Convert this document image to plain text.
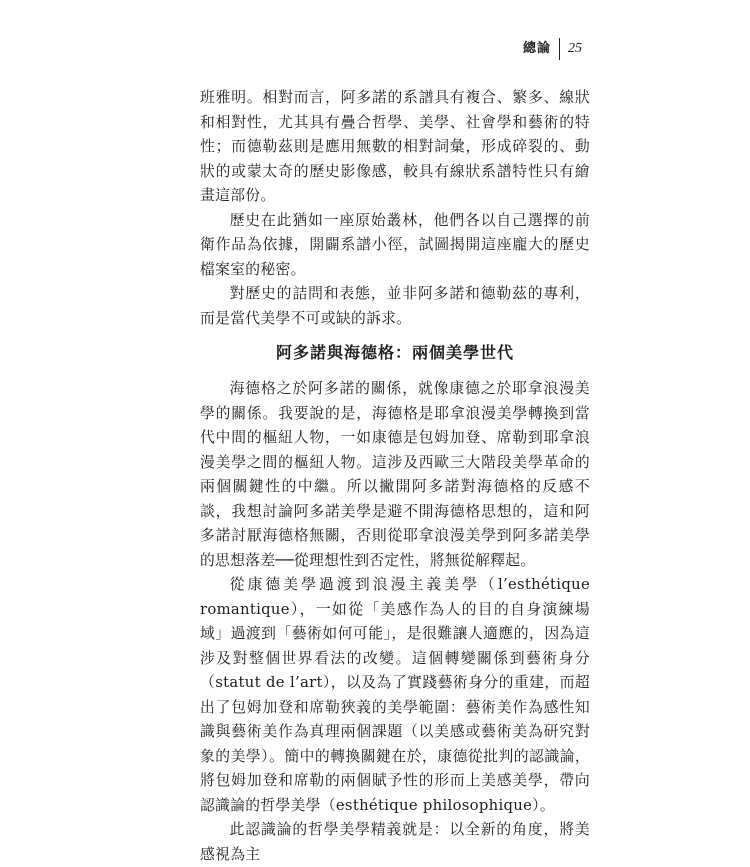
總論 25

班雅明。相對而言，阿多諾的系譜具有複合、繁多、線狀和相對性，尤其具有疊合哲學、美學、社會學和藝術的特性；而德勒茲則是應用無數的相對詞彙，形成碎裂的、動狀的或蒙太奇的歷史影像感，較具有線狀系譜特性只有繪畫這部份。

歷史在此猶如一座原始叢林，他們各以自己選擇的前衛作品為依據，開闢系譜小徑，試圖揭開這座龐大的歷史檔案室的秘密。

對歷史的詰問和表態，並非阿多諾和德勒茲的專利，而是當代美學不可或缺的訴求。

阿多諾與海德格：兩個美學世代

海德格之於阿多諾的關係，就像康德之於耶拿浪漫美學的關係。我要說的是，海德格是耶拿浪漫美學轉換到當代中間的樞紐人物，一如康德是包姆加登、席勒到耶拿浪漫美學之間的樞紐人物。這涉及西歐三大階段美學革命的兩個關鍵性的中繼。所以撇開阿多諾對海德格的反感不談，我想討論阿多諾美學是避不開海德格思想的，這和阿多諾討厭海德格無關，否則從耶拿浪漫美學到阿多諾美學的思想落差──從理想性到否定性，將無從解釋起。

從康德美學過渡到浪漫主義美學（l’esthétique romantique），一如從「美感作為人的目的自身演練場域」過渡到「藝術如何可能」，是很難讓人適應的，因為這涉及對整個世界看法的改變。這個轉變關係到藝術身分（statut de l’art），以及為了實踐藝術身分的重建，而超出了包姆加登和席勒狹義的美學範圍：藝術美作為感性知識與藝術美作為真理兩個課題（以美感或藝術美為研究對象的美學）。簡中的轉換關鍵在於，康德從批判的認識論，將包姆加登和席勒的兩個賦予性的形而上美感美學，帶向認識論的哲學美學（esthétique philosophique）。

此認識論的哲學美學精義就是：以全新的角度，將美感視為主
